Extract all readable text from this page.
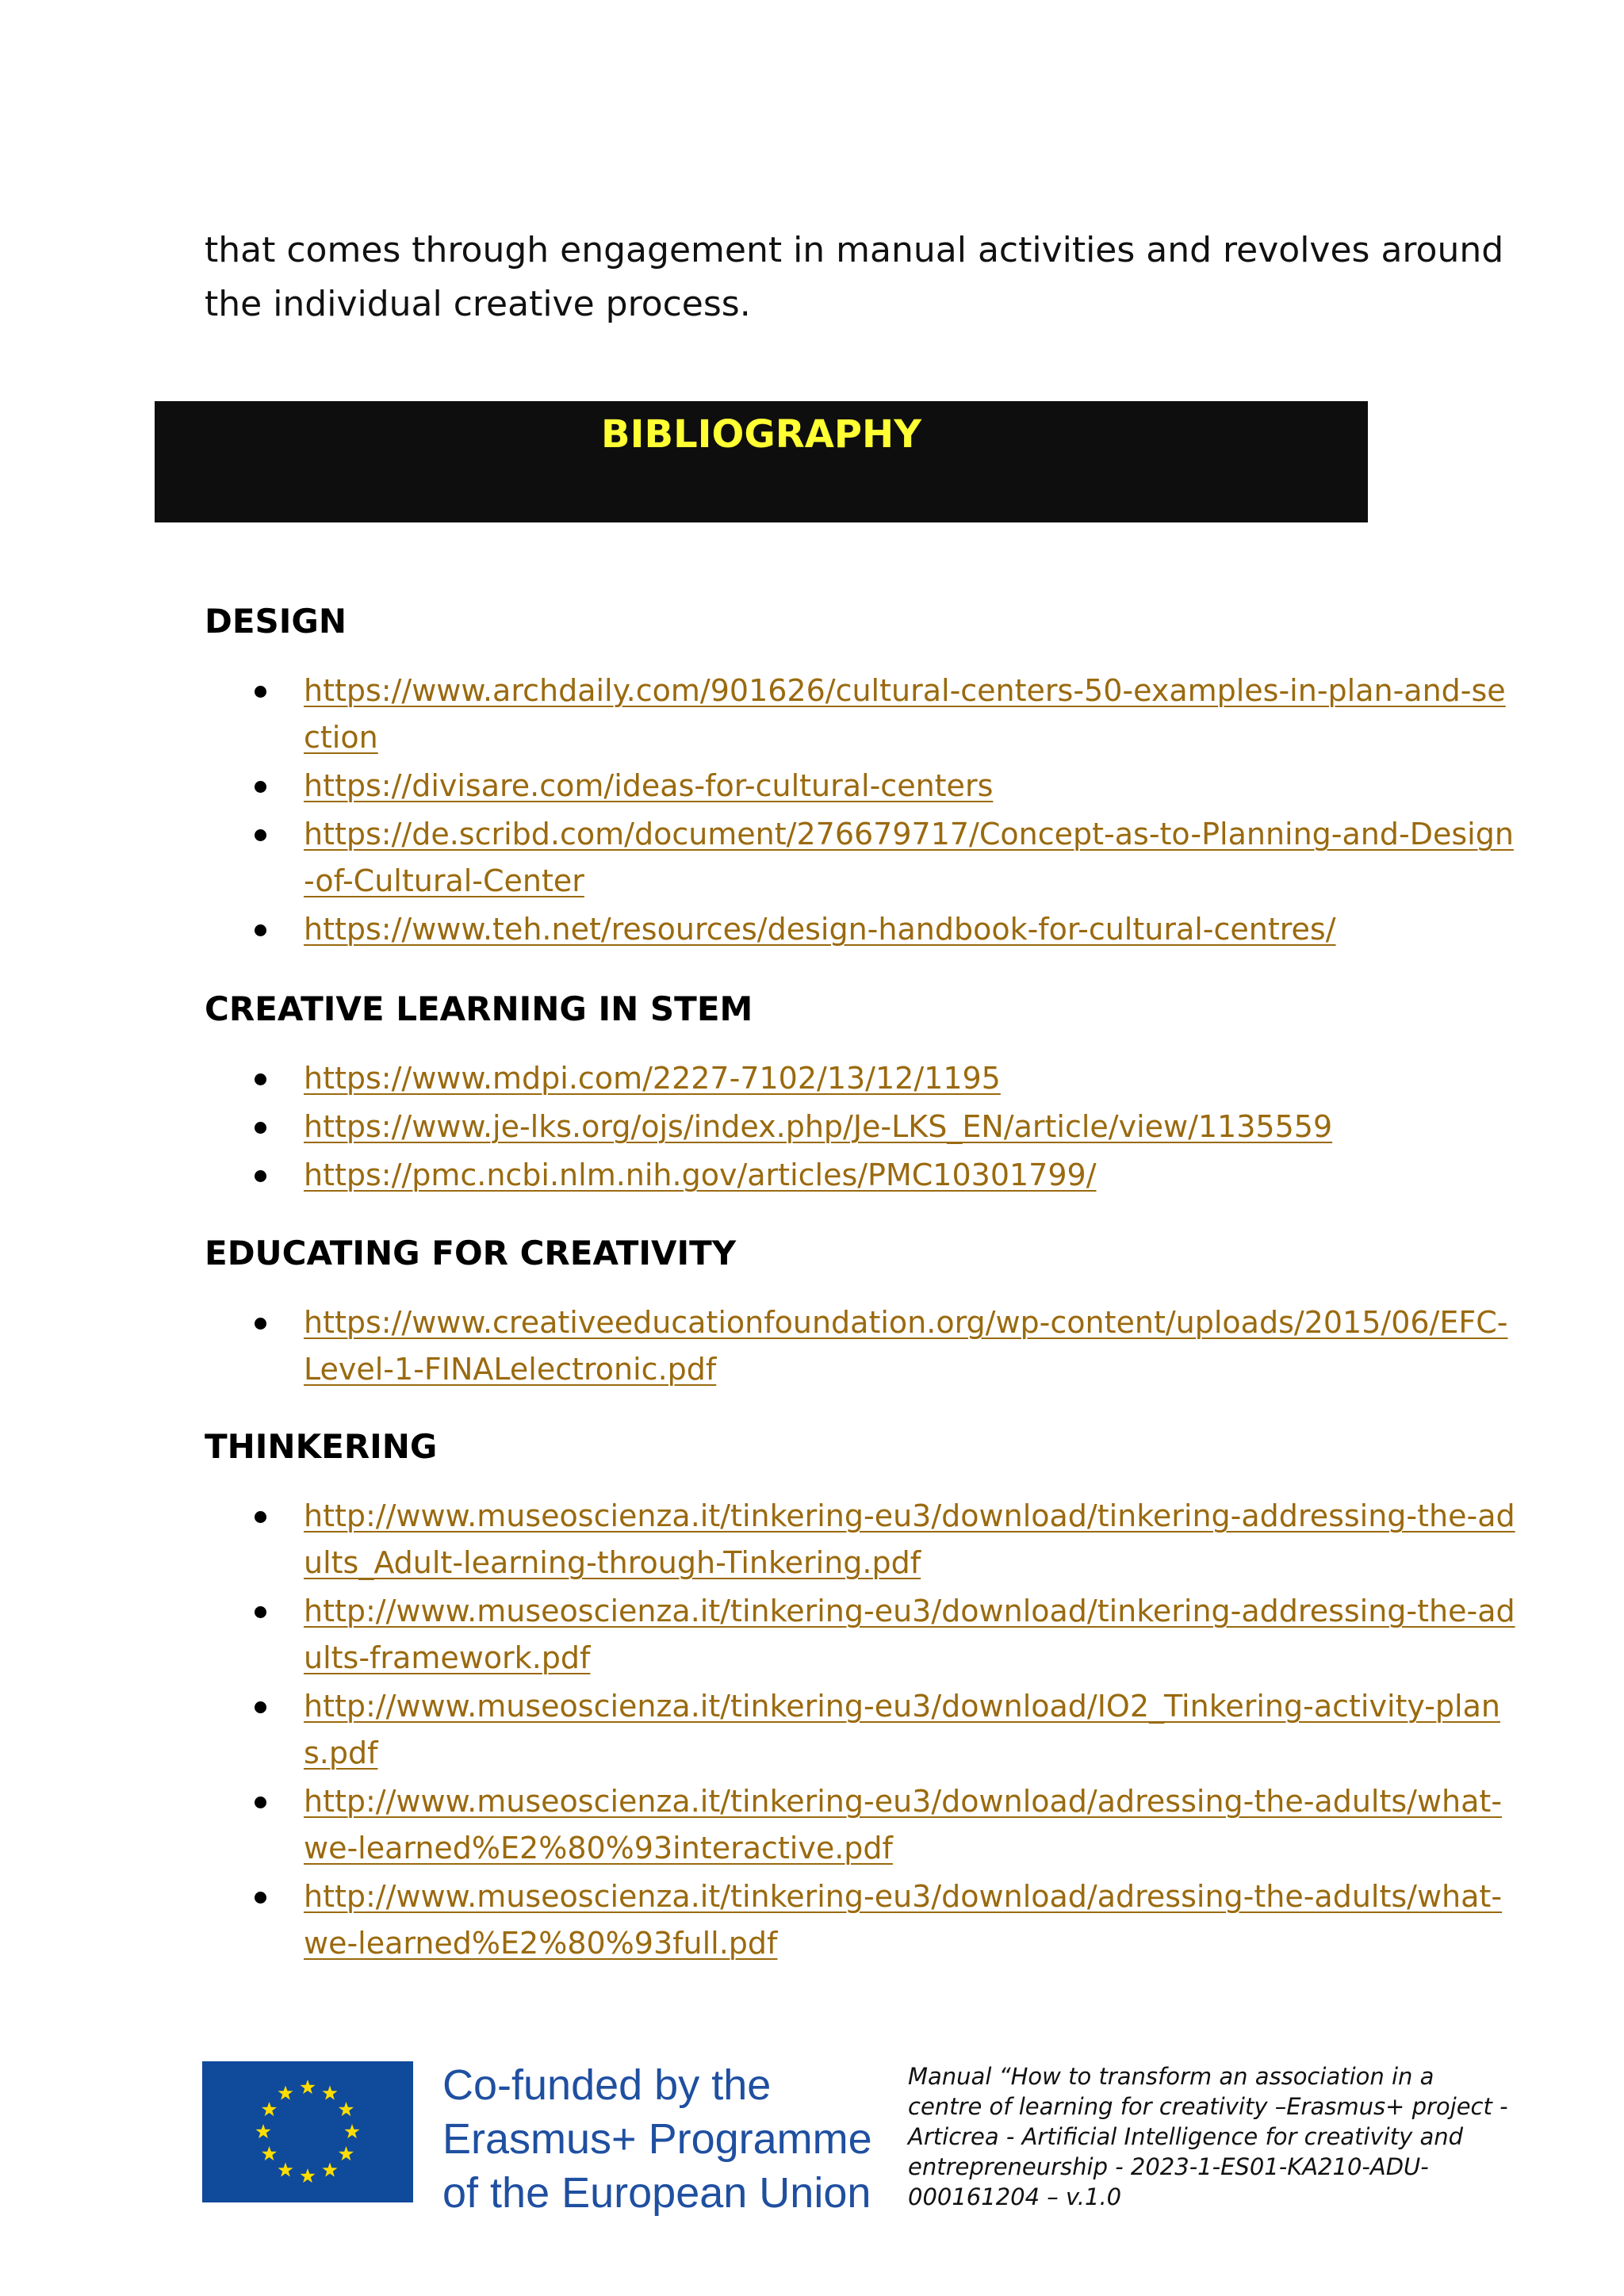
that comes through engagement in manual activities and revolves around the individual creative process.

BIBLIOGRAPHY
DESIGN
https://www.archdaily.com/901626/cultural-centers-50-examples-in-plan-and-section
https://divisare.com/ideas-for-cultural-centers
https://de.scribd.com/document/276679717/Concept-as-to-Planning-and-Design-of-Cultural-Center
https://www.teh.net/resources/design-handbook-for-cultural-centres/
CREATIVE LEARNING IN STEM
https://www.mdpi.com/2227-7102/13/12/1195
https://www.je-lks.org/ojs/index.php/Je-LKS_EN/article/view/1135559
https://pmc.ncbi.nlm.nih.gov/articles/PMC10301799/
EDUCATING FOR CREATIVITY
https://www.creativeeducationfoundation.org/wp-content/uploads/2015/06/EFC-Level-1-FINALelectronic.pdf
THINKERING
http://www.museoscienza.it/tinkering-eu3/download/tinkering-addressing-the-adults_Adult-learning-through-Tinkering.pdf
http://www.museoscienza.it/tinkering-eu3/download/tinkering-addressing-the-adults-framework.pdf
http://www.museoscienza.it/tinkering-eu3/download/IO2_Tinkering-activity-plans.pdf
http://www.museoscienza.it/tinkering-eu3/download/adressing-the-adults/what-we-learned%E2%80%93interactive.pdf
http://www.museoscienza.it/tinkering-eu3/download/adressing-the-adults/what-we-learned%E2%80%93full.pdf
Co-funded by the
Erasmus+ Programme
of the European Union
Manual “How to transform an association in a centre of learning for creativity –Erasmus+ project - Articrea - Artificial Intelligence for creativity and entrepreneurship - 2023-1-ES01-KA210-ADU-000161204 – v.1.0
